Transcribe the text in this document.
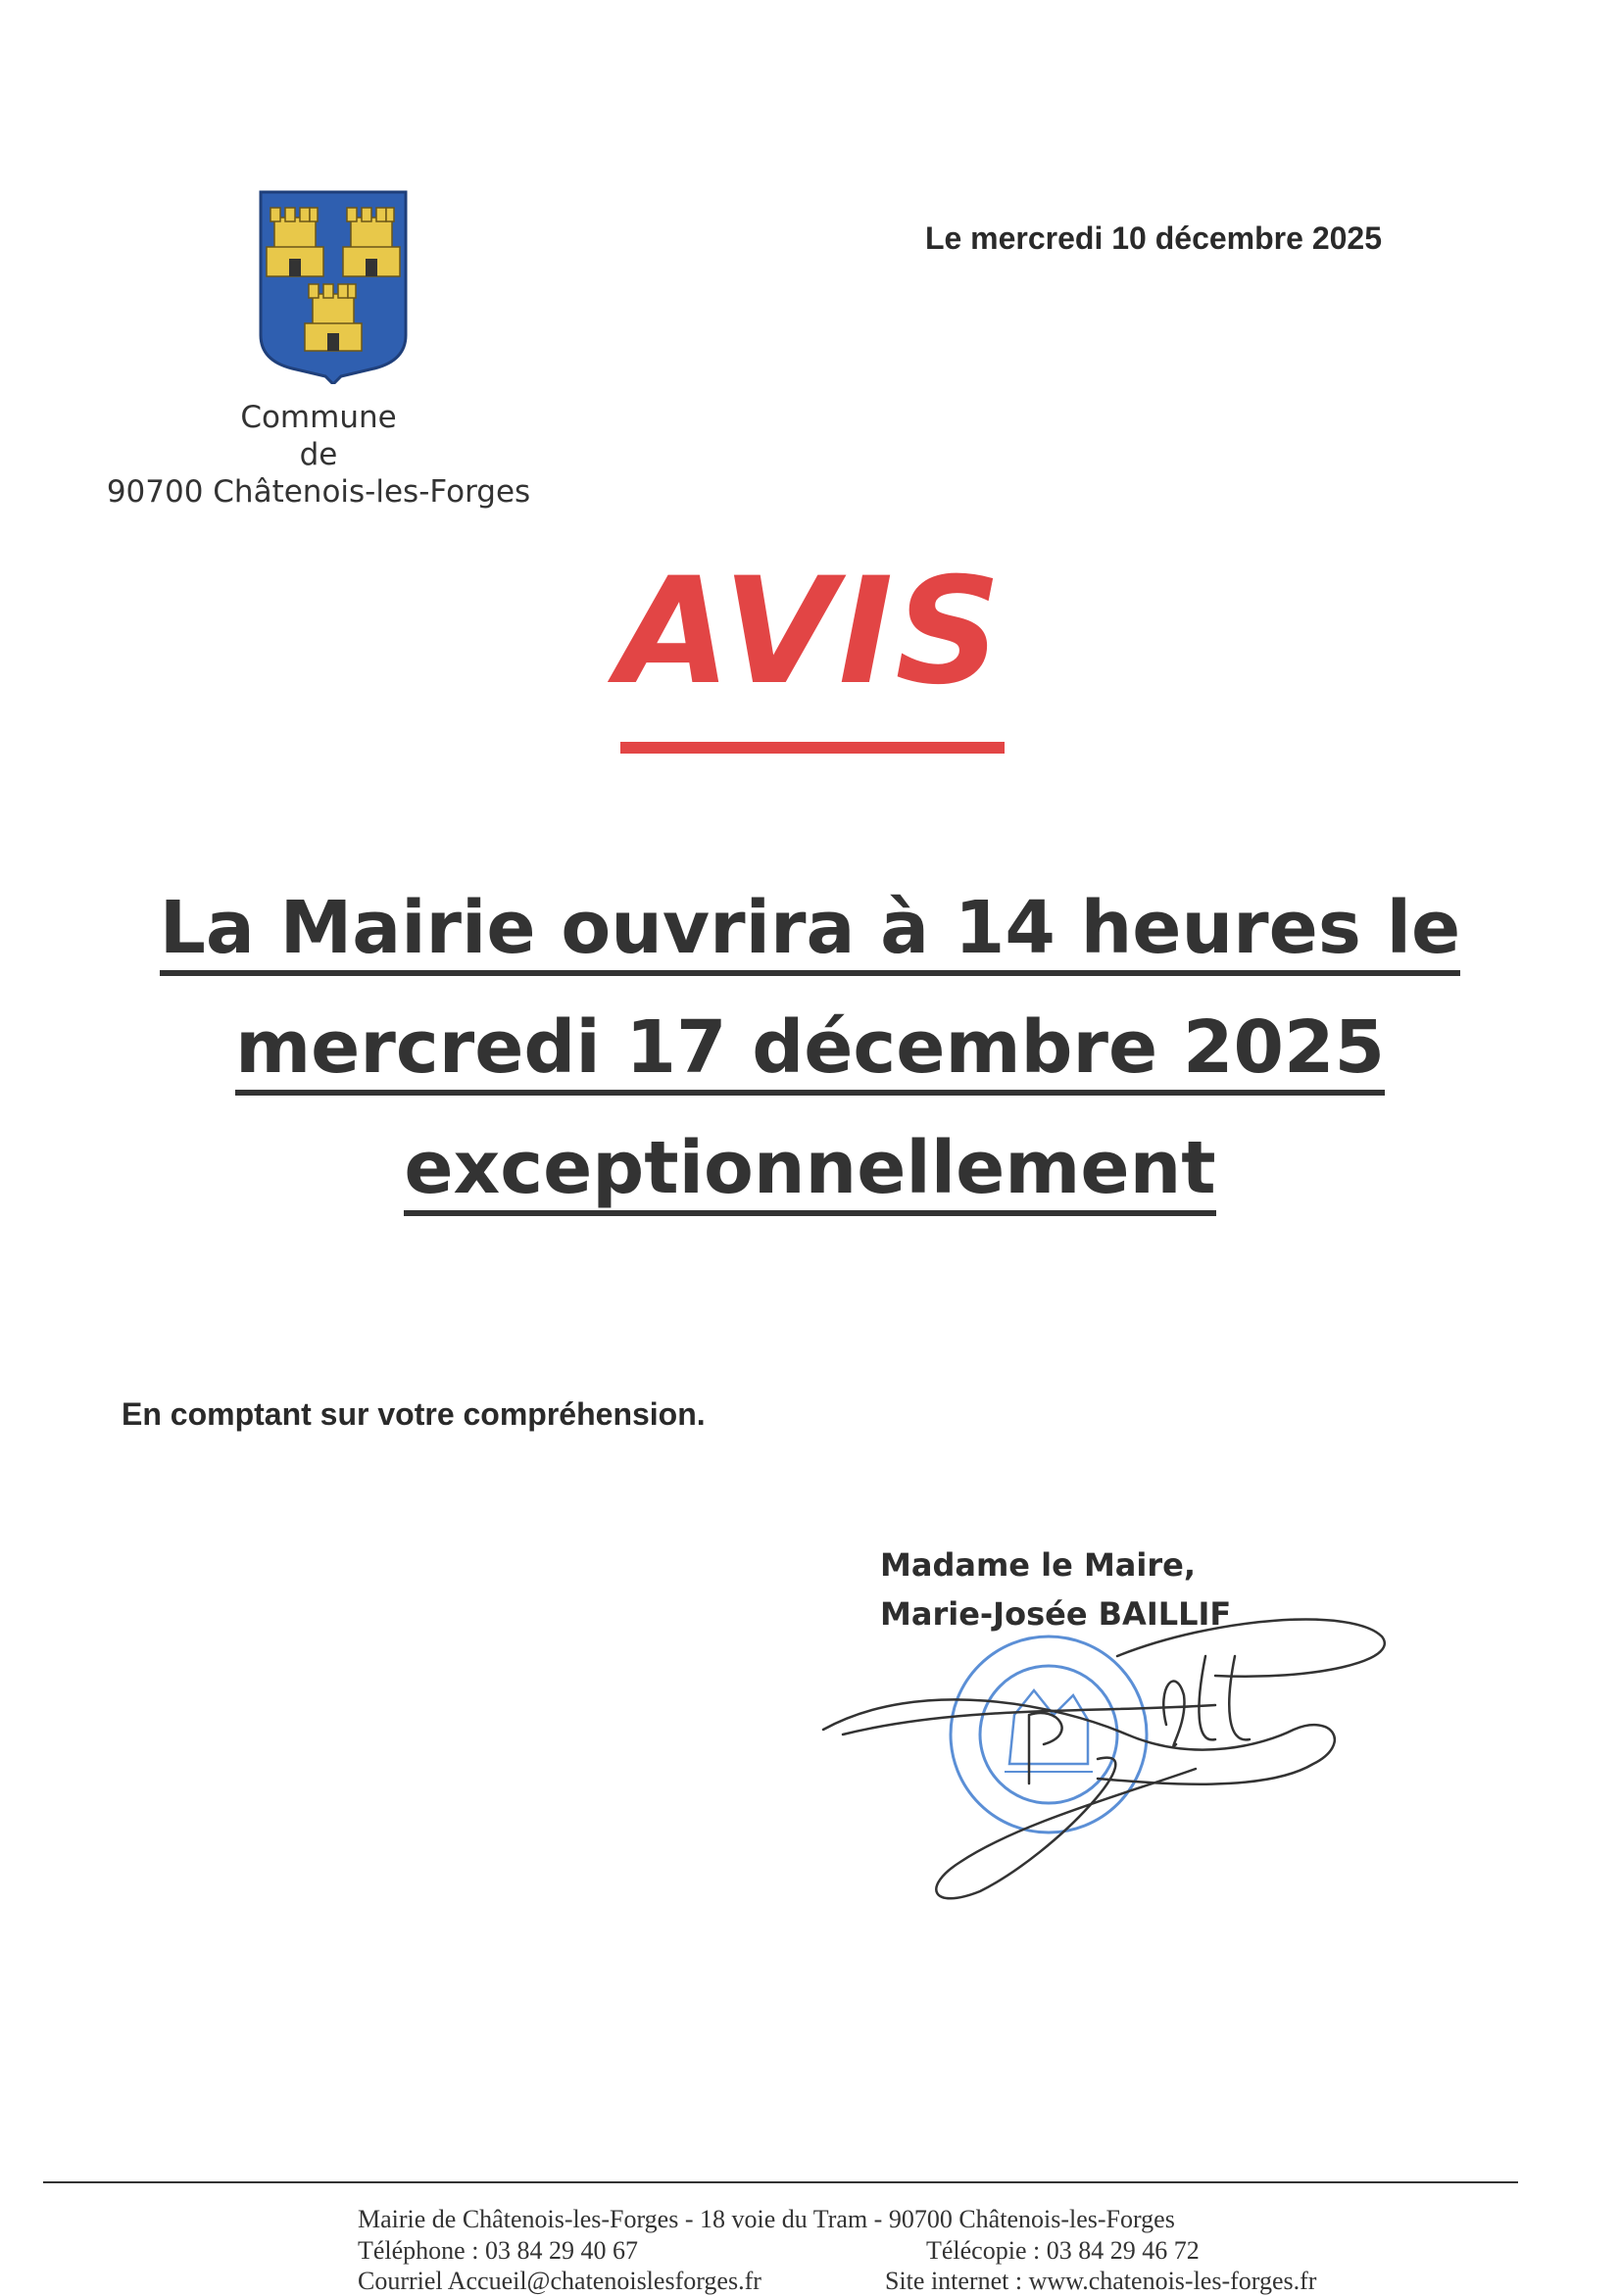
Commune
de
90700 Châtenois-les-Forges
Le mercredi 10 décembre 2025
AVIS
La Mairie ouvrira à 14 heures le
mercredi 17 décembre 2025
exceptionnellement
En comptant sur votre compréhension.
Madame le Maire,
Marie-Josée BAILLIF
Mairie de Châtenois-les-Forges - 18 voie du Tram - 90700 Châtenois-les-Forges
Téléphone : 03 84 29 40 67	Télécopie : 03 84 29 46 72
Courriel Accueil@chatenoislesforges.fr	Site internet : www.chatenois-les-forges.fr
